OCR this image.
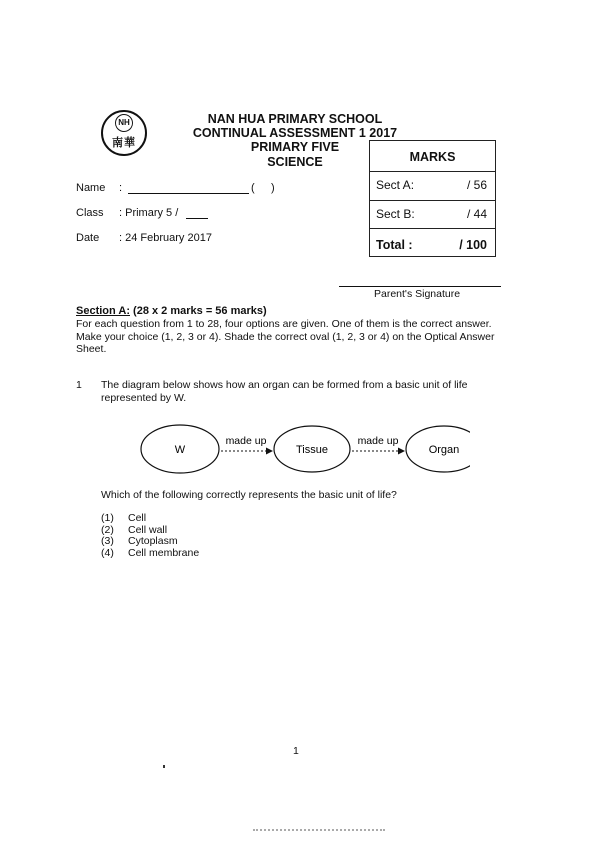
NH
南華
NAN HUA PRIMARY SCHOOL
CONTINUAL ASSESSMENT 1 2017
PRIMARY FIVE
SCIENCE	MARKS
Sect A:	/ 56
Sect B:	/ 44
Total :	/ 100
Name :	( )
Class : Primary 5 /
Date : 24 February 2017
Parent's Signature
Section A: (28 x 2 marks = 56 marks)
For each question from 1 to 28, four options are given. One of them is the correct answer.
Make your choice (1, 2, 3 or 4). Shade the correct oval (1, 2, 3 or 4) on the Optical Answer
Sheet.
1 The diagram below shows how an organ can be formed from a basic unit of life
represented by W.
W	Tissue	Organ
made up	made up
Which of the following correctly represents the basic unit of life?
(1) Cell
(2) Cell wall
(3) Cytoplasm
(4) Cell membrane
1
